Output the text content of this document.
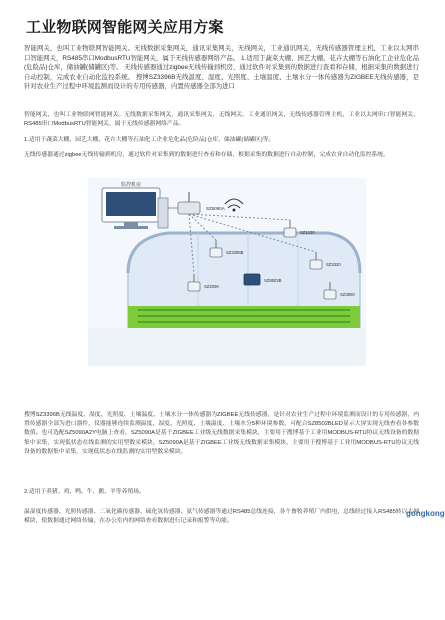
工业物联网智能网关应用方案

智能网关，也叫工业物联网智能网关。无线数据采集网关，通讯采集网关，无线网关，工业通讯网关，无线传感器管理主机，工业以太网串口智能网关，RS485串口ModbusRTU智能网关，属于无线传感器网络产品。 1.适用于蔬菜大棚、园艺大棚、花卉大棚等石油化工企业危化品(危险品)仓库，储油罐(储罐区)等。 无线传感器通过zigbee无线传输到机房，通过软件对采集到的数据进行查看和存储，根据采集的数据进行自动控制，完成农业自动化监控系统。 搜博SZ3396B无线温度、湿度、光照度、土壤温度、土壤水分一体传感器为ZIGBEE无线传感器，是针对农业生产过程中环境监测而设计的专用传感器，内置传感器全部为进口

智能网关，也叫工业物联网智能网关。无线数据采集网关，通讯采集网关，无线网关，工业通讯网关，无线传感器管理主机，工业以太网串口智能网关，RS485串口ModbusRTU智能网关，属于无线传感器网络产品。

1.适用于蔬菜大棚、园艺大棚、花卉大棚等石油化工企业危化品(危险品)仓库，储油罐(储罐区)等。

无线传感器通过zigbee无线传输到机房，通过软件对采集到的数据进行查看和存储，根据采集的数据进行自动控制，完成农业自动化监控系统。

监控机房
SZ5090A
SZ3396B
SZ1230
SZ3320
SZ2006
SZ8502B
SZ3800
gongkong

搜博SZ3396B无线温度、湿度、光照度、土壤温度、土壤水分一体传感器为ZIGBEE无线传感器，是针对农业生产过程中环境监测而设计的专用传感器，内置传感器全部为进口器件，仪器能够连续监测温度、湿度、光照度、土壤温度、土壤水分5种环境参数，可配合SZ8502BLED显示大屏实现无线查看各参数数值。也可选配SZ5090A2Y电脑上查看。SZ5090A是基于ZIGBEE工业级无线数据采集模块，主要用于搜博基于工业用MODBUS-RTU协议无线设备的数据集中采集，实现低状态在线监测的实用型数采模块。SZ5090A是基于ZIGBEE工业级无线数据采集模块，主要用于搜博基于工业用MODBUS-RTU协议无线设备的数据集中采集，实现低状态在线监测的实用型数采模块。

2.适用于养猪、鸡、鸭、牛、鹅、羊等养殖场。

温湿度传感器、光照传感器、二氧化碳传感器、硫化氢传感器、氨气传感器等通过RS485总线连接，各个畜牧养殖厂内供电，总线经过接入RS485转以太网模块，使数据通过网络传输，在办公室内的网络查看数据进行记录和报警等功能。
